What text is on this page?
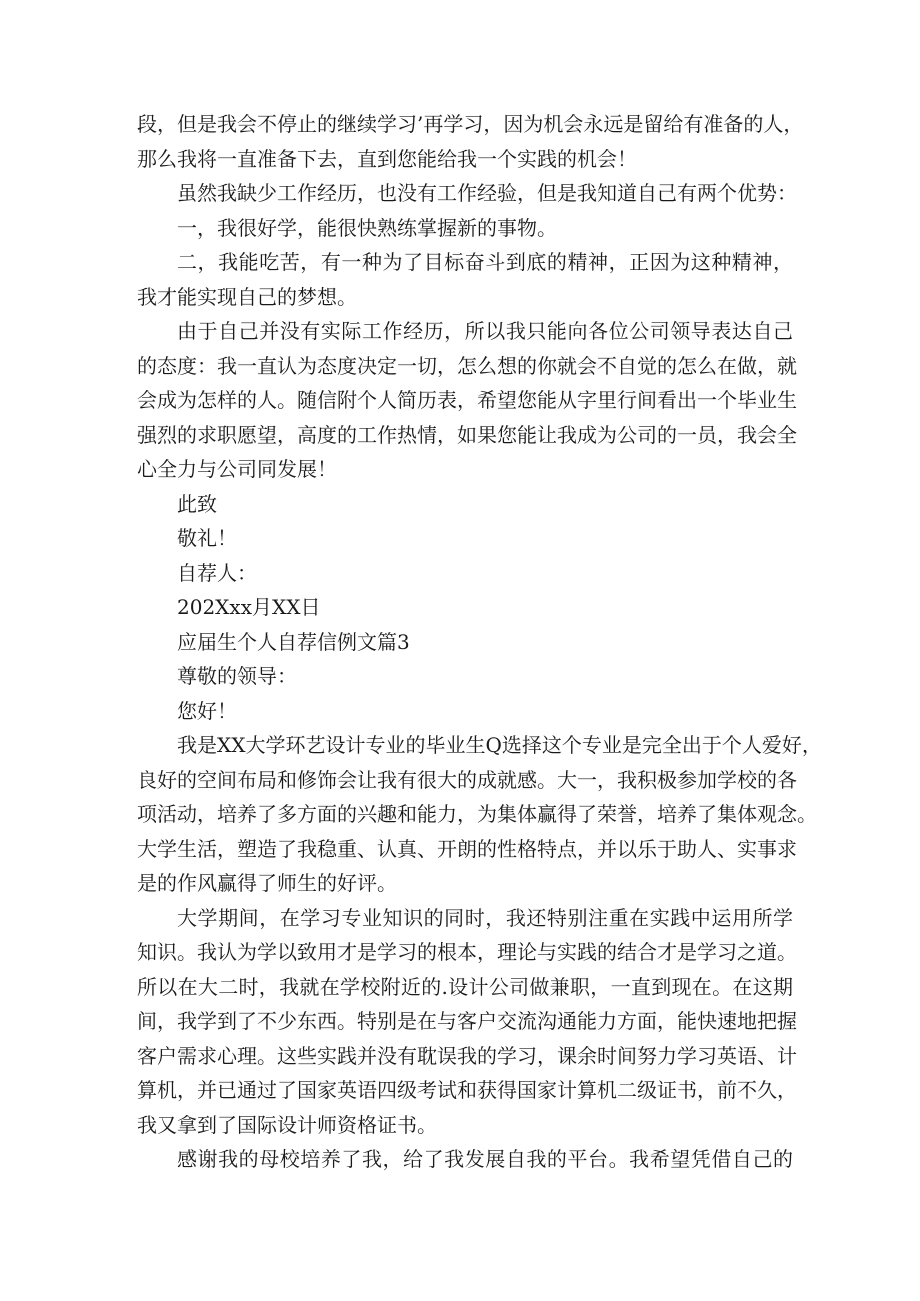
段，但是我会不停止的继续学习’再学习，因为机会永远是留给有准备的人，
那么我将一直准备下去，直到您能给我一个实践的机会！
虽然我缺少工作经历，也没有工作经验，但是我知道自己有两个优势：
一，我很好学，能很快熟练掌握新的事物。
二，我能吃苦，有一种为了目标奋斗到底的精神，正因为这种精神，
我才能实现自己的梦想。
由于自己并没有实际工作经历，所以我只能向各位公司领导表达自己
的态度：我一直认为态度决定一切，怎么想的你就会不自觉的怎么在做，就
会成为怎样的人。随信附个人简历表，希望您能从字里行间看出一个毕业生
强烈的求职愿望，高度的工作热情，如果您能让我成为公司的一员，我会全
心全力与公司同发展！
此致
敬礼！
自荐人：
202Xxx月XX日
应届生个人自荐信例文篇3
尊敬的领导：
您好！
我是XX大学环艺设计专业的毕业生Q选择这个专业是完全出于个人爱好，
良好的空间布局和修饰会让我有很大的成就感。大一，我积极参加学校的各
项活动，培养了多方面的兴趣和能力，为集体赢得了荣誉，培养了集体观念。
大学生活，塑造了我稳重、认真、开朗的性格特点，并以乐于助人、实事求
是的作风赢得了师生的好评。
大学期间，在学习专业知识的同时，我还特别注重在实践中运用所学
知识。我认为学以致用才是学习的根本，理论与实践的结合才是学习之道。
所以在大二时，我就在学校附近的.设计公司做兼职，一直到现在。在这期
间，我学到了不少东西。特别是在与客户交流沟通能力方面，能快速地把握
客户需求心理。这些实践并没有耽误我的学习，课余时间努力学习英语、计
算机，并已通过了国家英语四级考试和获得国家计算机二级证书，前不久，
我又拿到了国际设计师资格证书。
感谢我的母校培养了我，给了我发展自我的平台。我希望凭借自己的
